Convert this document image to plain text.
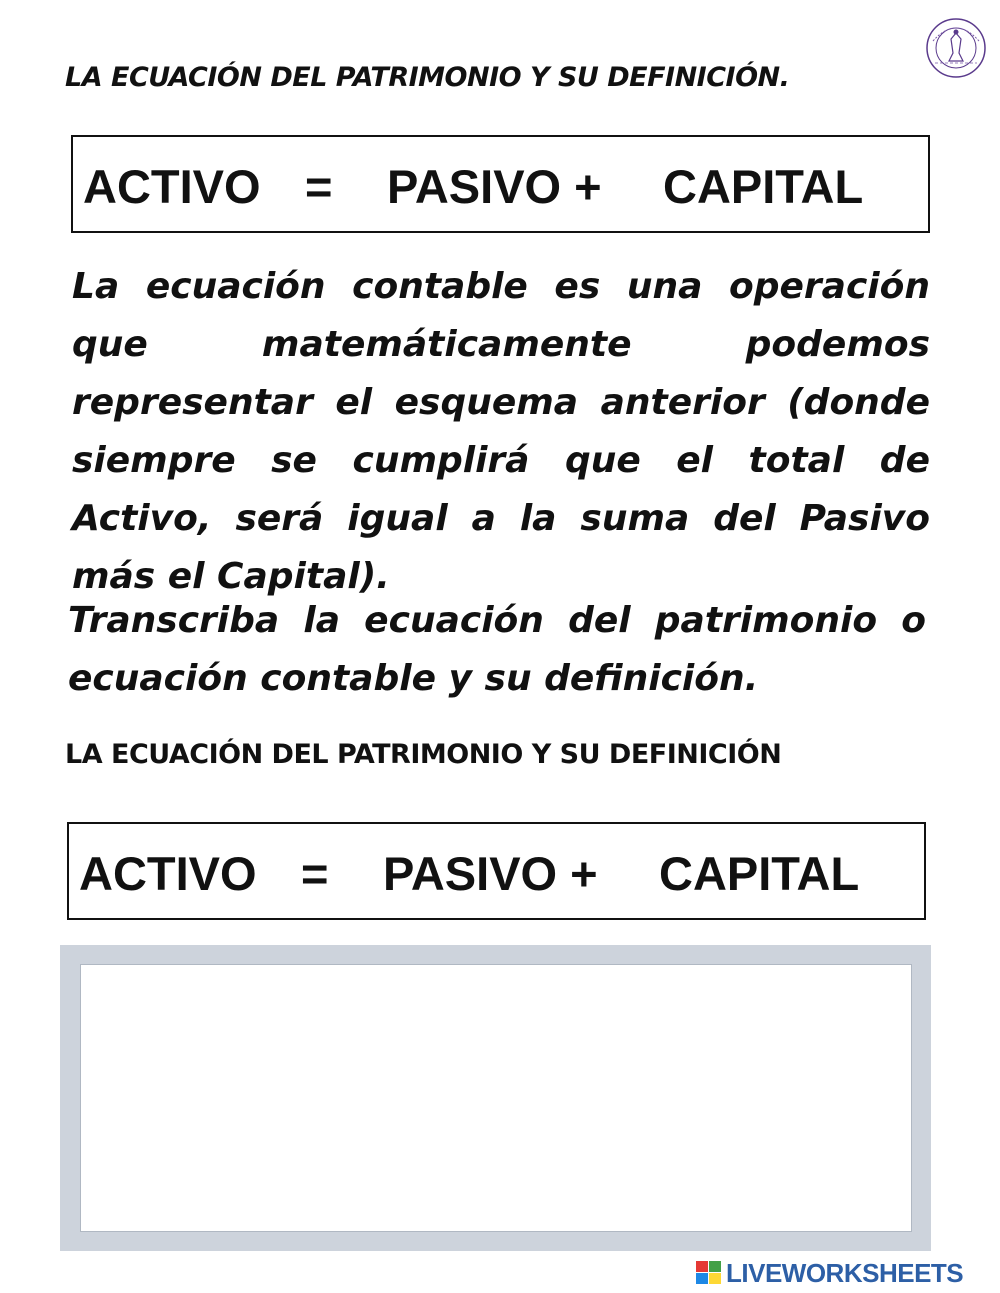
LA ECUACIÓN DEL PATRIMONIO Y SU DEFINICIÓN.
ACTIVO = PASIVO + CAPITAL

La ecuación contable es una operación que matemáticamente podemos representar el esquema anterior (donde siempre se cumplirá que el total de Activo, será igual a la suma del Pasivo más el Capital).

Transcriba la ecuación del patrimonio o ecuación contable y su definición.

LA ECUACIÓN DEL PATRIMONIO Y SU DEFINICIÓN
ACTIVO = PASIVO + CAPITAL
LIVEWORKSHEETS
